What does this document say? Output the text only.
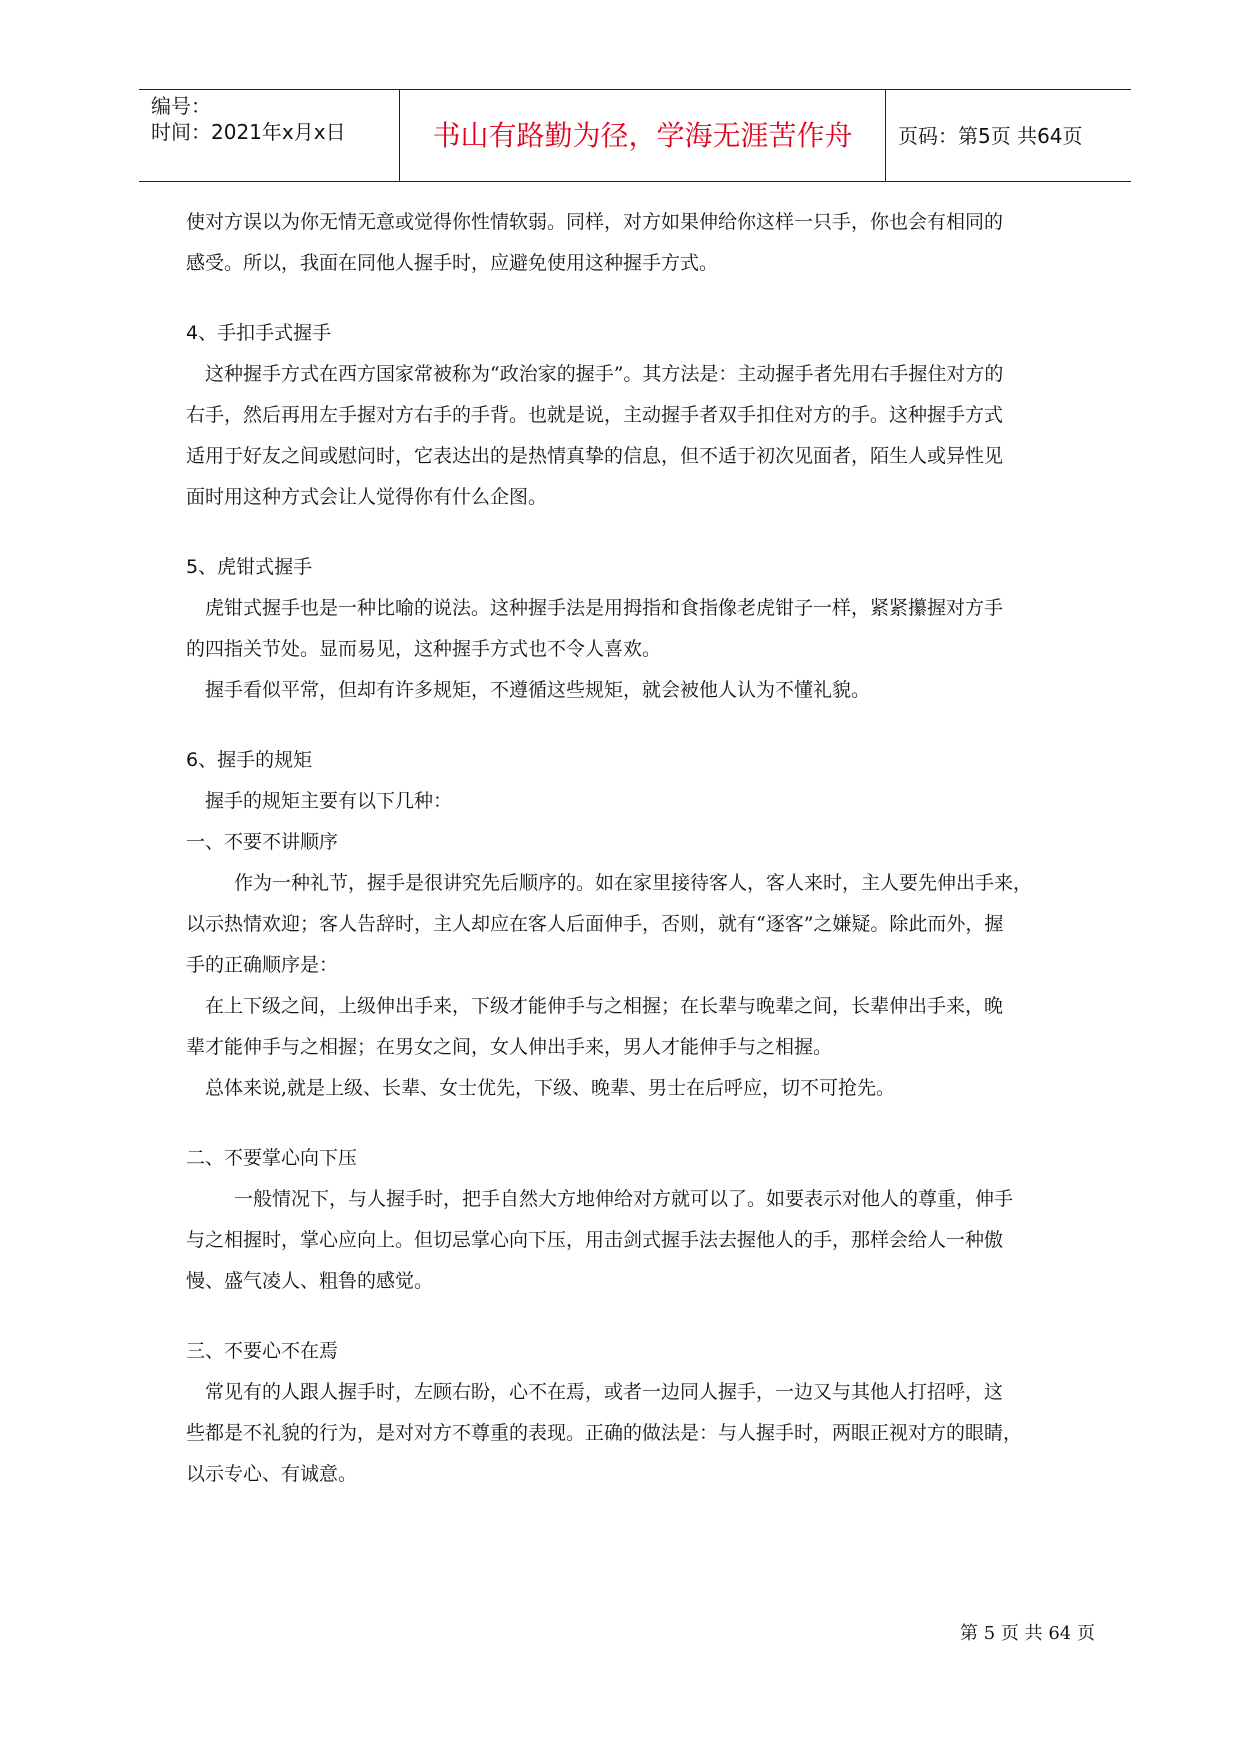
编号：
时间：2021年x月x日	书山有路勤为径，学海无涯苦作舟	页码：第5页 共64页

使对方误以为你无情无意或觉得你性情软弱。同样，对方如果伸给你这样一只手，你也会有相同的

感受。所以，我面在同他人握手时，应避免使用这种握手方式。

4、手扣手式握手

这种握手方式在西方国家常被称为“政治家的握手”。其方法是：主动握手者先用右手握住对方的

右手，然后再用左手握对方右手的手背。也就是说，主动握手者双手扣住对方的手。这种握手方式

适用于好友之间或慰问时，它表达出的是热情真挚的信息，但不适于初次见面者，陌生人或异性见

面时用这种方式会让人觉得你有什么企图。

5、虎钳式握手

虎钳式握手也是一种比喻的说法。这种握手法是用拇指和食指像老虎钳子一样，紧紧攥握对方手

的四指关节处。显而易见，这种握手方式也不令人喜欢。

握手看似平常，但却有许多规矩，不遵循这些规矩，就会被他人认为不懂礼貌。

6、握手的规矩

握手的规矩主要有以下几种：

一、不要不讲顺序

作为一种礼节，握手是很讲究先后顺序的。如在家里接待客人，客人来时，主人要先伸出手来，

以示热情欢迎；客人告辞时，主人却应在客人后面伸手，否则，就有“逐客”之嫌疑。除此而外，握

手的正确顺序是：

在上下级之间，上级伸出手来，下级才能伸手与之相握；在长辈与晚辈之间，长辈伸出手来，晚

辈才能伸手与之相握；在男女之间，女人伸出手来，男人才能伸手与之相握。

总体来说,就是上级、长辈、女士优先，下级、晚辈、男士在后呼应，切不可抢先。

二、不要掌心向下压

一般情况下，与人握手时，把手自然大方地伸给对方就可以了。如要表示对他人的尊重，伸手

与之相握时，掌心应向上。但切忌掌心向下压，用击剑式握手法去握他人的手，那样会给人一种傲

慢、盛气凌人、粗鲁的感觉。

三、不要心不在焉

常见有的人跟人握手时，左顾右盼，心不在焉，或者一边同人握手，一边又与其他人打招呼，这

些都是不礼貌的行为，是对对方不尊重的表现。正确的做法是：与人握手时，两眼正视对方的眼睛，

以示专心、有诚意。

第 5 页 共 64 页
